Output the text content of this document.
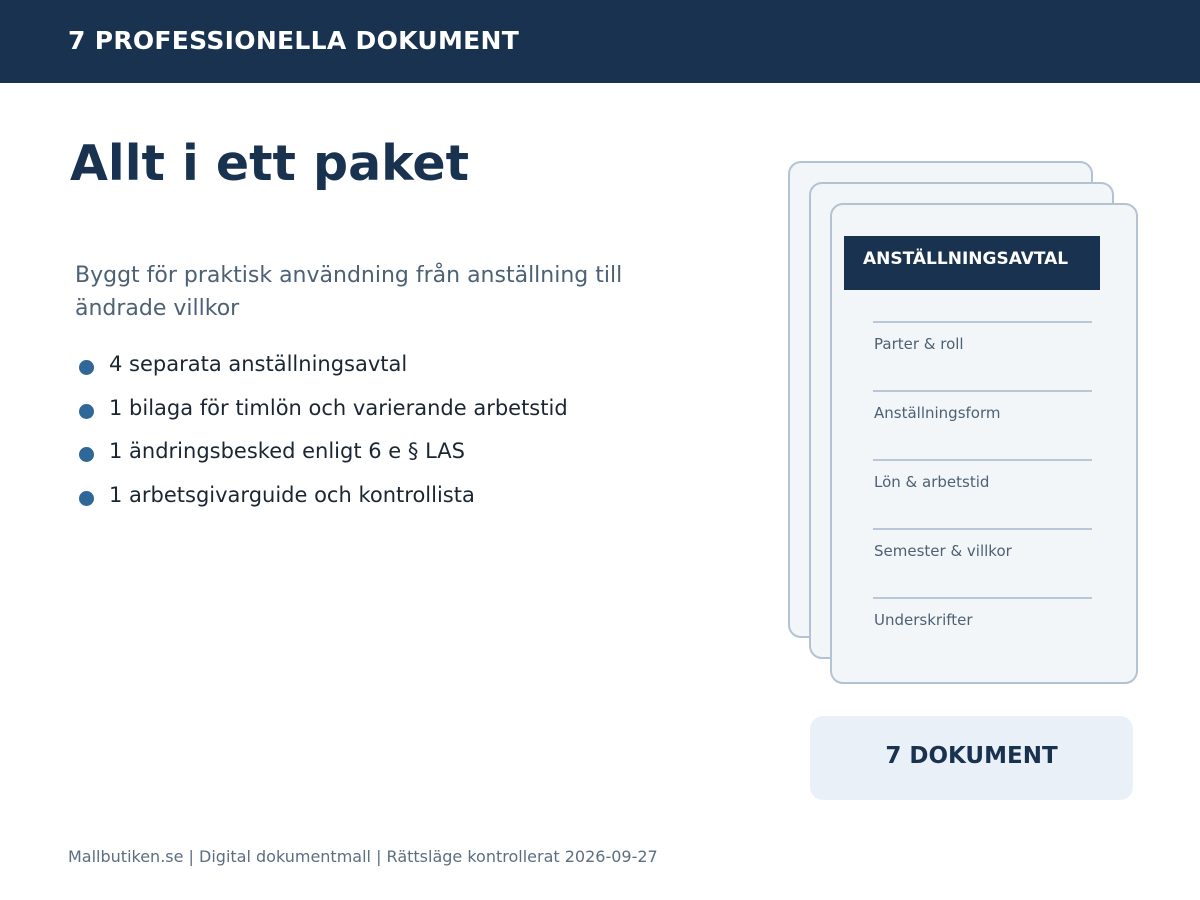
7 PROFESSIONELLA DOKUMENT
Allt i ett paket

Byggt för praktisk användning från anställning till ändrade villkor

4 separata anställningsavtal
1 bilaga för timlön och varierande arbetstid
1 ändringsbesked enligt 6 e § LAS
1 arbetsgivarguide och kontrollista
ANSTÄLLNINGSAVTAL
Parter & roll
Anställningsform
Lön & arbetstid
Semester & villkor
Underskrifter
7 DOKUMENT
Mallbutiken.se | Digital dokumentmall | Rättsläge kontrollerat 2026-09-27
